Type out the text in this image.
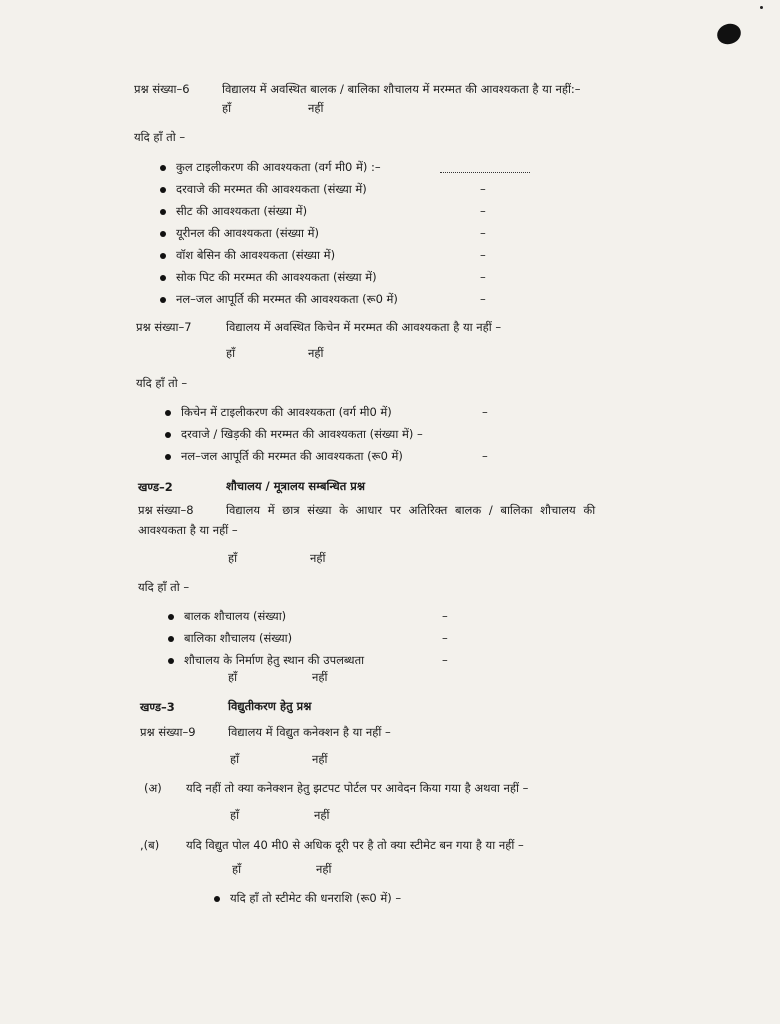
प्रश्न संख्या–6	विद्यालय में अवस्थित बालक / बालिका शौचालय में मरम्मत की आवश्यकता है या नहीं:–
हाँ	नहीं
यदि हाँ तो –
कुल टाइलीकरण की आवश्यकता (वर्ग मी0 में) :–
दरवाजे की मरम्मत की आवश्यकता (संख्या में)	–
सीट की आवश्यकता (संख्या में)	–
यूरीनल की आवश्यकता (संख्या में)	–
वॉश बेसिन की आवश्यकता (संख्या में)	–
सोक पिट की मरम्मत की आवश्यकता (संख्या में)	–
नल–जल आपूर्ति की मरम्मत की आवश्यकता (रू0 में)	–
प्रश्न संख्या–7	विद्यालय में अवस्थित किचेन में मरम्मत की आवश्यकता है या नहीं –
हाँ	नहीं
यदि हाँ तो –
किचेन में टाइलीकरण की आवश्यकता (वर्ग मी0 में)	–
दरवाजे / खिड़की की मरम्मत की आवश्यकता (संख्या में) –
नल–जल आपूर्ति की मरम्मत की आवश्यकता (रू0 में)	–
खण्ड–2	शौचालय / मूत्रालय सम्बन्धित प्रश्न
प्रश्न संख्या–8	विद्यालय में छात्र संख्या के आधार पर अतिरिक्त बालक / बालिका शौचालय की
आवश्यकता है या नहीं –
हाँ	नहीं
यदि हाँ तो –
बालक शौचालय (संख्या)	–
बालिका शौचालय (संख्या)	–
शौचालय के निर्माण हेतु स्थान की उपलब्धता	–
हाँ	नहीं
खण्ड–3	विद्युतीकरण हेतु प्रश्न
प्रश्न संख्या–9	विद्यालय में विद्युत कनेक्शन है या नहीं –
हाँ	नहीं
(अ) यदि नहीं तो क्या कनेक्शन हेतु झटपट पोर्टल पर आवेदन किया गया है अथवा नहीं –
हाँ	नहीं
,(ब) यदि विद्युत पोल 40 मी0 से अधिक दूरी पर है तो क्या स्टीमेट बन गया है या नहीं –
हाँ	नहीं
यदि हाँ तो स्टीमेट की धनराशि (रू0 में) –
